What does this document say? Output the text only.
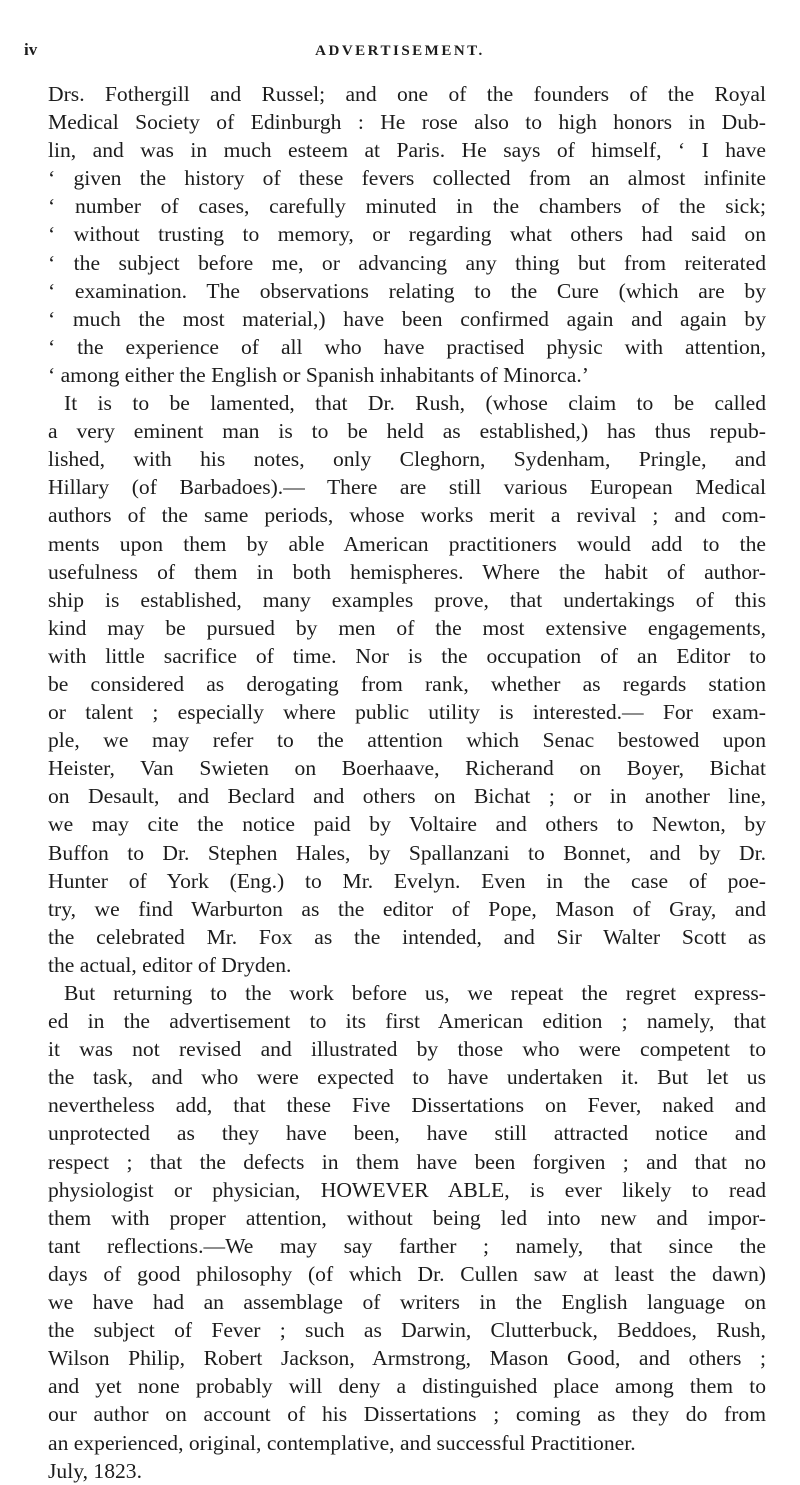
iv	ADVERTISEMENT.
Drs. Fothergill and Russel; and one of the founders of the Royal
Medical Society of Edinburgh : He rose also to high honors in Dub-
lin, and was in much esteem at Paris. He says of himself, ‘ I have
‘ given the history of these fevers collected from an almost infinite
‘ number of cases, carefully minuted in the chambers of the sick;
‘ without trusting to memory, or regarding what others had said on
‘ the subject before me, or advancing any thing but from reiterated
‘ examination. The observations relating to the Cure (which are by
‘ much the most material,) have been confirmed again and again by
‘ the experience of all who have practised physic with attention,
‘ among either the English or Spanish inhabitants of Minorca.’
It is to be lamented, that Dr. Rush, (whose claim to be called
a very eminent man is to be held as established,) has thus repub-
lished, with his notes, only Cleghorn, Sydenham, Pringle, and
Hillary (of Barbadoes).— There are still various European Medical
authors of the same periods, whose works merit a revival ; and com-
ments upon them by able American practitioners would add to the
usefulness of them in both hemispheres. Where the habit of author-
ship is established, many examples prove, that undertakings of this
kind may be pursued by men of the most extensive engagements,
with little sacrifice of time. Nor is the occupation of an Editor to
be considered as derogating from rank, whether as regards station
or talent ; especially where public utility is interested.— For exam-
ple, we may refer to the attention which Senac bestowed upon
Heister, Van Swieten on Boerhaave, Richerand on Boyer, Bichat
on Desault, and Beclard and others on Bichat ; or in another line,
we may cite the notice paid by Voltaire and others to Newton, by
Buffon to Dr. Stephen Hales, by Spallanzani to Bonnet, and by Dr.
Hunter of York (Eng.) to Mr. Evelyn. Even in the case of poe-
try, we find Warburton as the editor of Pope, Mason of Gray, and
the celebrated Mr. Fox as the intended, and Sir Walter Scott as
the actual, editor of Dryden.
But returning to the work before us, we repeat the regret express-
ed in the advertisement to its first American edition ; namely, that
it was not revised and illustrated by those who were competent to
the task, and who were expected to have undertaken it. But let us
nevertheless add, that these Five Dissertations on Fever, naked and
unprotected as they have been, have still attracted notice and
respect ; that the defects in them have been forgiven ; and that no
physiologist or physician, HOWEVER ABLE, is ever likely to read
them with proper attention, without being led into new and impor-
tant reflections.—We may say farther ; namely, that since the
days of good philosophy (of which Dr. Cullen saw at least the dawn)
we have had an assemblage of writers in the English language on
the subject of Fever ; such as Darwin, Clutterbuck, Beddoes, Rush,
Wilson Philip, Robert Jackson, Armstrong, Mason Good, and others ;
and yet none probably will deny a distinguished place among them to
our author on account of his Dissertations ; coming as they do from
an experienced, original, contemplative, and successful Practitioner.
July, 1823.
